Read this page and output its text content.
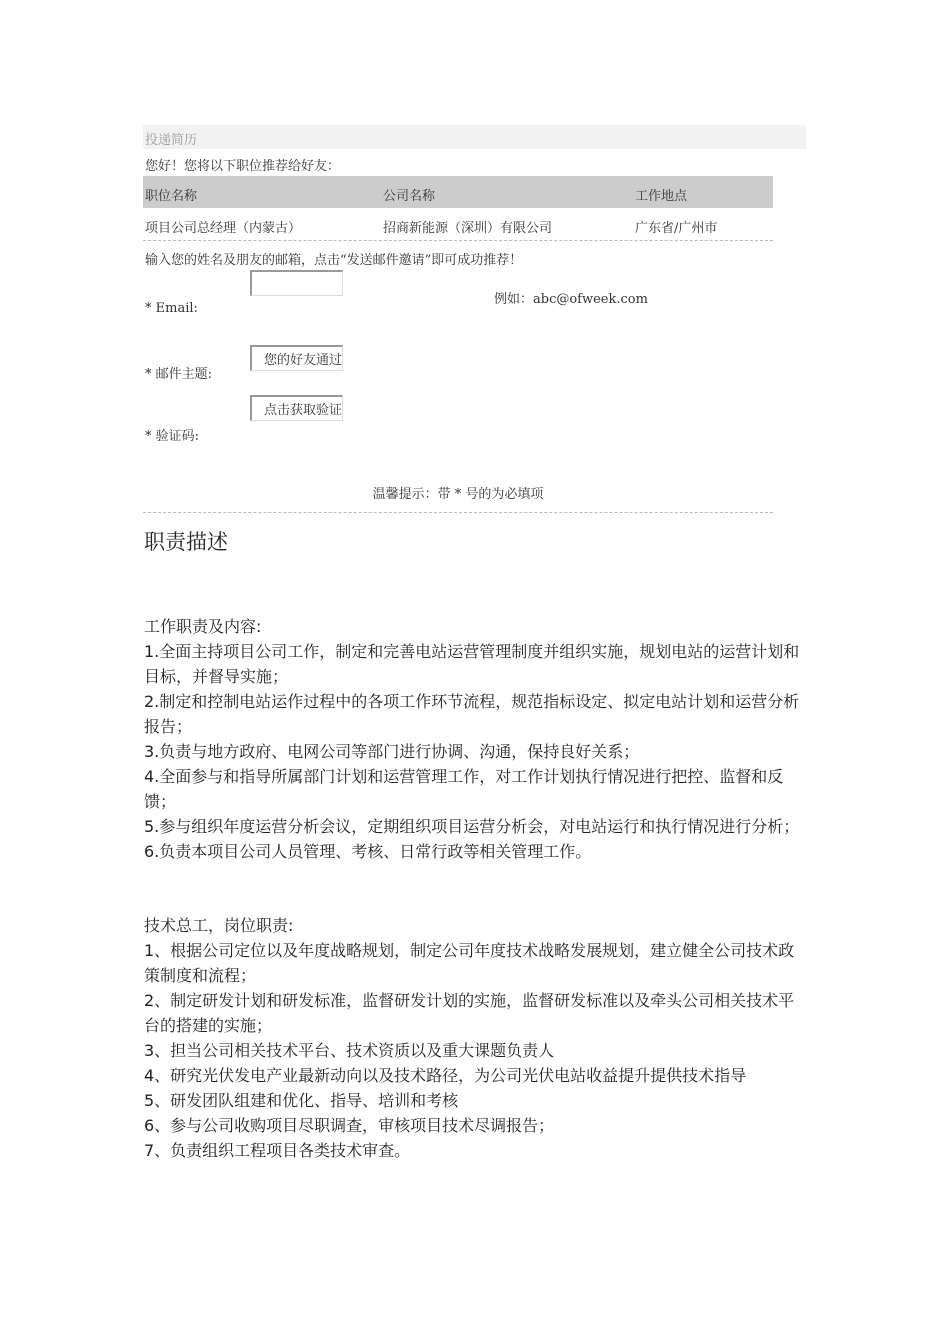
投递简历
您好！您将以下职位推荐给好友：
职位名称	公司名称	工作地点
项目公司总经理（内蒙古）	招商新能源（深圳）有限公司	广东省/广州市
输入您的姓名及朋友的邮箱，点击“发送邮件邀请”即可成功推荐！
* Email:
例如：abc@ofweek.com
您的好友通过
* 邮件主题:
点击获取验证
* 验证码:
温馨提示：带 * 号的为必填项
职责描述

工作职责及内容:

1.全面主持项目公司工作，制定和完善电站运营管理制度并组织实施，规划电站的运营计划和目标，并督导实施；

2.制定和控制电站运作过程中的各项工作环节流程，规范指标设定、拟定电站计划和运营分析报告；

3.负责与地方政府、电网公司等部门进行协调、沟通，保持良好关系；

4.全面参与和指导所属部门计划和运营管理工作，对工作计划执行情况进行把控、监督和反馈；

5.参与组织年度运营分析会议，定期组织项目运营分析会，对电站运行和执行情况进行分析；

6.负责本项目公司人员管理、考核、日常行政等相关管理工作。

技术总工，岗位职责:

1、根据公司定位以及年度战略规划，制定公司年度技术战略发展规划，建立健全公司技术政策制度和流程；

2、制定研发计划和研发标准，监督研发计划的实施，监督研发标准以及牵头公司相关技术平台的搭建的实施；

3、担当公司相关技术平台、技术资质以及重大课题负责人

4、研究光伏发电产业最新动向以及技术路径，为公司光伏电站收益提升提供技术指导

5、研发团队组建和优化、指导、培训和考核

6、参与公司收购项目尽职调查，审核项目技术尽调报告；

7、负责组织工程项目各类技术审查。
